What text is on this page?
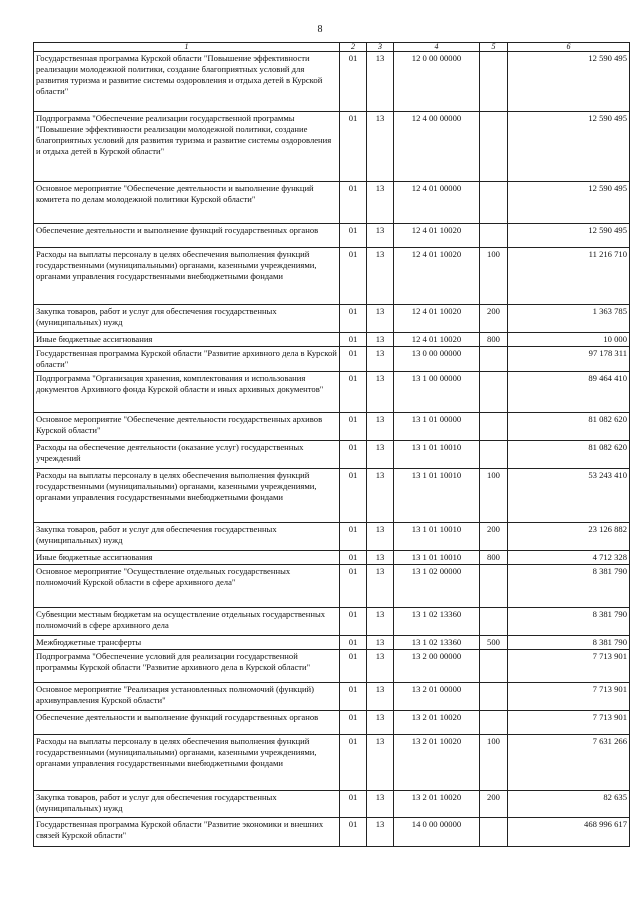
8
1	2	3	4	5	6
Государственная программа Курской области "Повышение эффективности реализации молодежной политики, создание благоприятных условий для развития туризма и развитие системы оздоровления и отдыха детей в Курской области"	01	13	12 0 00 00000		12 590 495
Подпрограмма "Обеспечение реализации государственной программы "Повышение эффективности реализации молодежной политики, создание благоприятных условий для развития туризма и развитие системы оздоровления и отдыха детей в Курской области"	01	13	12 4 00 00000		12 590 495
Основное мероприятие "Обеспечение деятельности и выполнение функций комитета по делам молодежной политики Курской области"	01	13	12 4 01 00000		12 590 495
Обеспечение деятельности и выполнение функций государственных органов	01	13	12 4 01 10020		12 590 495
Расходы на выплаты персоналу в целях обеспечения выполнения функций государственными (муниципальными) органами, казенными учреждениями, органами управления государственными внебюджетными фондами	01	13	12 4 01 10020	100	11 216 710
Закупка товаров, работ и услуг для обеспечения государственных (муниципальных) нужд	01	13	12 4 01 10020	200	1 363 785
Иные бюджетные ассигнования	01	13	12 4 01 10020	800	10 000
Государственная программа Курской области "Развитие архивного дела в Курской области"	01	13	13 0 00 00000		97 178 311
Подпрограмма "Организация хранения, комплектования и использования документов Архивного фонда Курской области и иных архивных документов"	01	13	13 1 00 00000		89 464 410
Основное мероприятие "Обеспечение деятельности государственных архивов Курской области"	01	13	13 1 01 00000		81 082 620
Расходы на обеспечение деятельности (оказание услуг) государственных учреждений	01	13	13 1 01 10010		81 082 620
Расходы на выплаты персоналу в целях обеспечения выполнения функций государственными (муниципальными) органами, казенными учреждениями, органами управления государственными внебюджетными фондами	01	13	13 1 01 10010	100	53 243 410
Закупка товаров, работ и услуг для обеспечения государственных (муниципальных) нужд	01	13	13 1 01 10010	200	23 126 882
Иные бюджетные ассигнования	01	13	13 1 01 10010	800	4 712 328
Основное мероприятие "Осуществление отдельных государственных полномочий Курской области в сфере архивного дела"	01	13	13 1 02 00000		8 381 790
Субвенции местным бюджетам на осуществление отдельных государственных полномочий в сфере архивного дела	01	13	13 1 02 13360		8 381 790
Межбюджетные трансферты	01	13	13 1 02 13360	500	8 381 790
Подпрограмма "Обеспечение условий для реализации государственной программы Курской области "Развитие архивного дела в Курской области"	01	13	13 2 00 00000		7 713 901
Основное мероприятие "Реализация установленных полномочий (функций) архивуправления Курской области"	01	13	13 2 01 00000		7 713 901
Обеспечение деятельности и выполнение функций государственных органов	01	13	13 2 01 10020		7 713 901
Расходы на выплаты персоналу в целях обеспечения выполнения функций государственными (муниципальными) органами, казенными учреждениями, органами управления государственными внебюджетными фондами	01	13	13 2 01 10020	100	7 631 266
Закупка товаров, работ и услуг для обеспечения государственных (муниципальных) нужд	01	13	13 2 01 10020	200	82 635
Государственная программа Курской области "Развитие экономики и внешних связей Курской области"	01	13	14 0 00 00000		468 996 617
